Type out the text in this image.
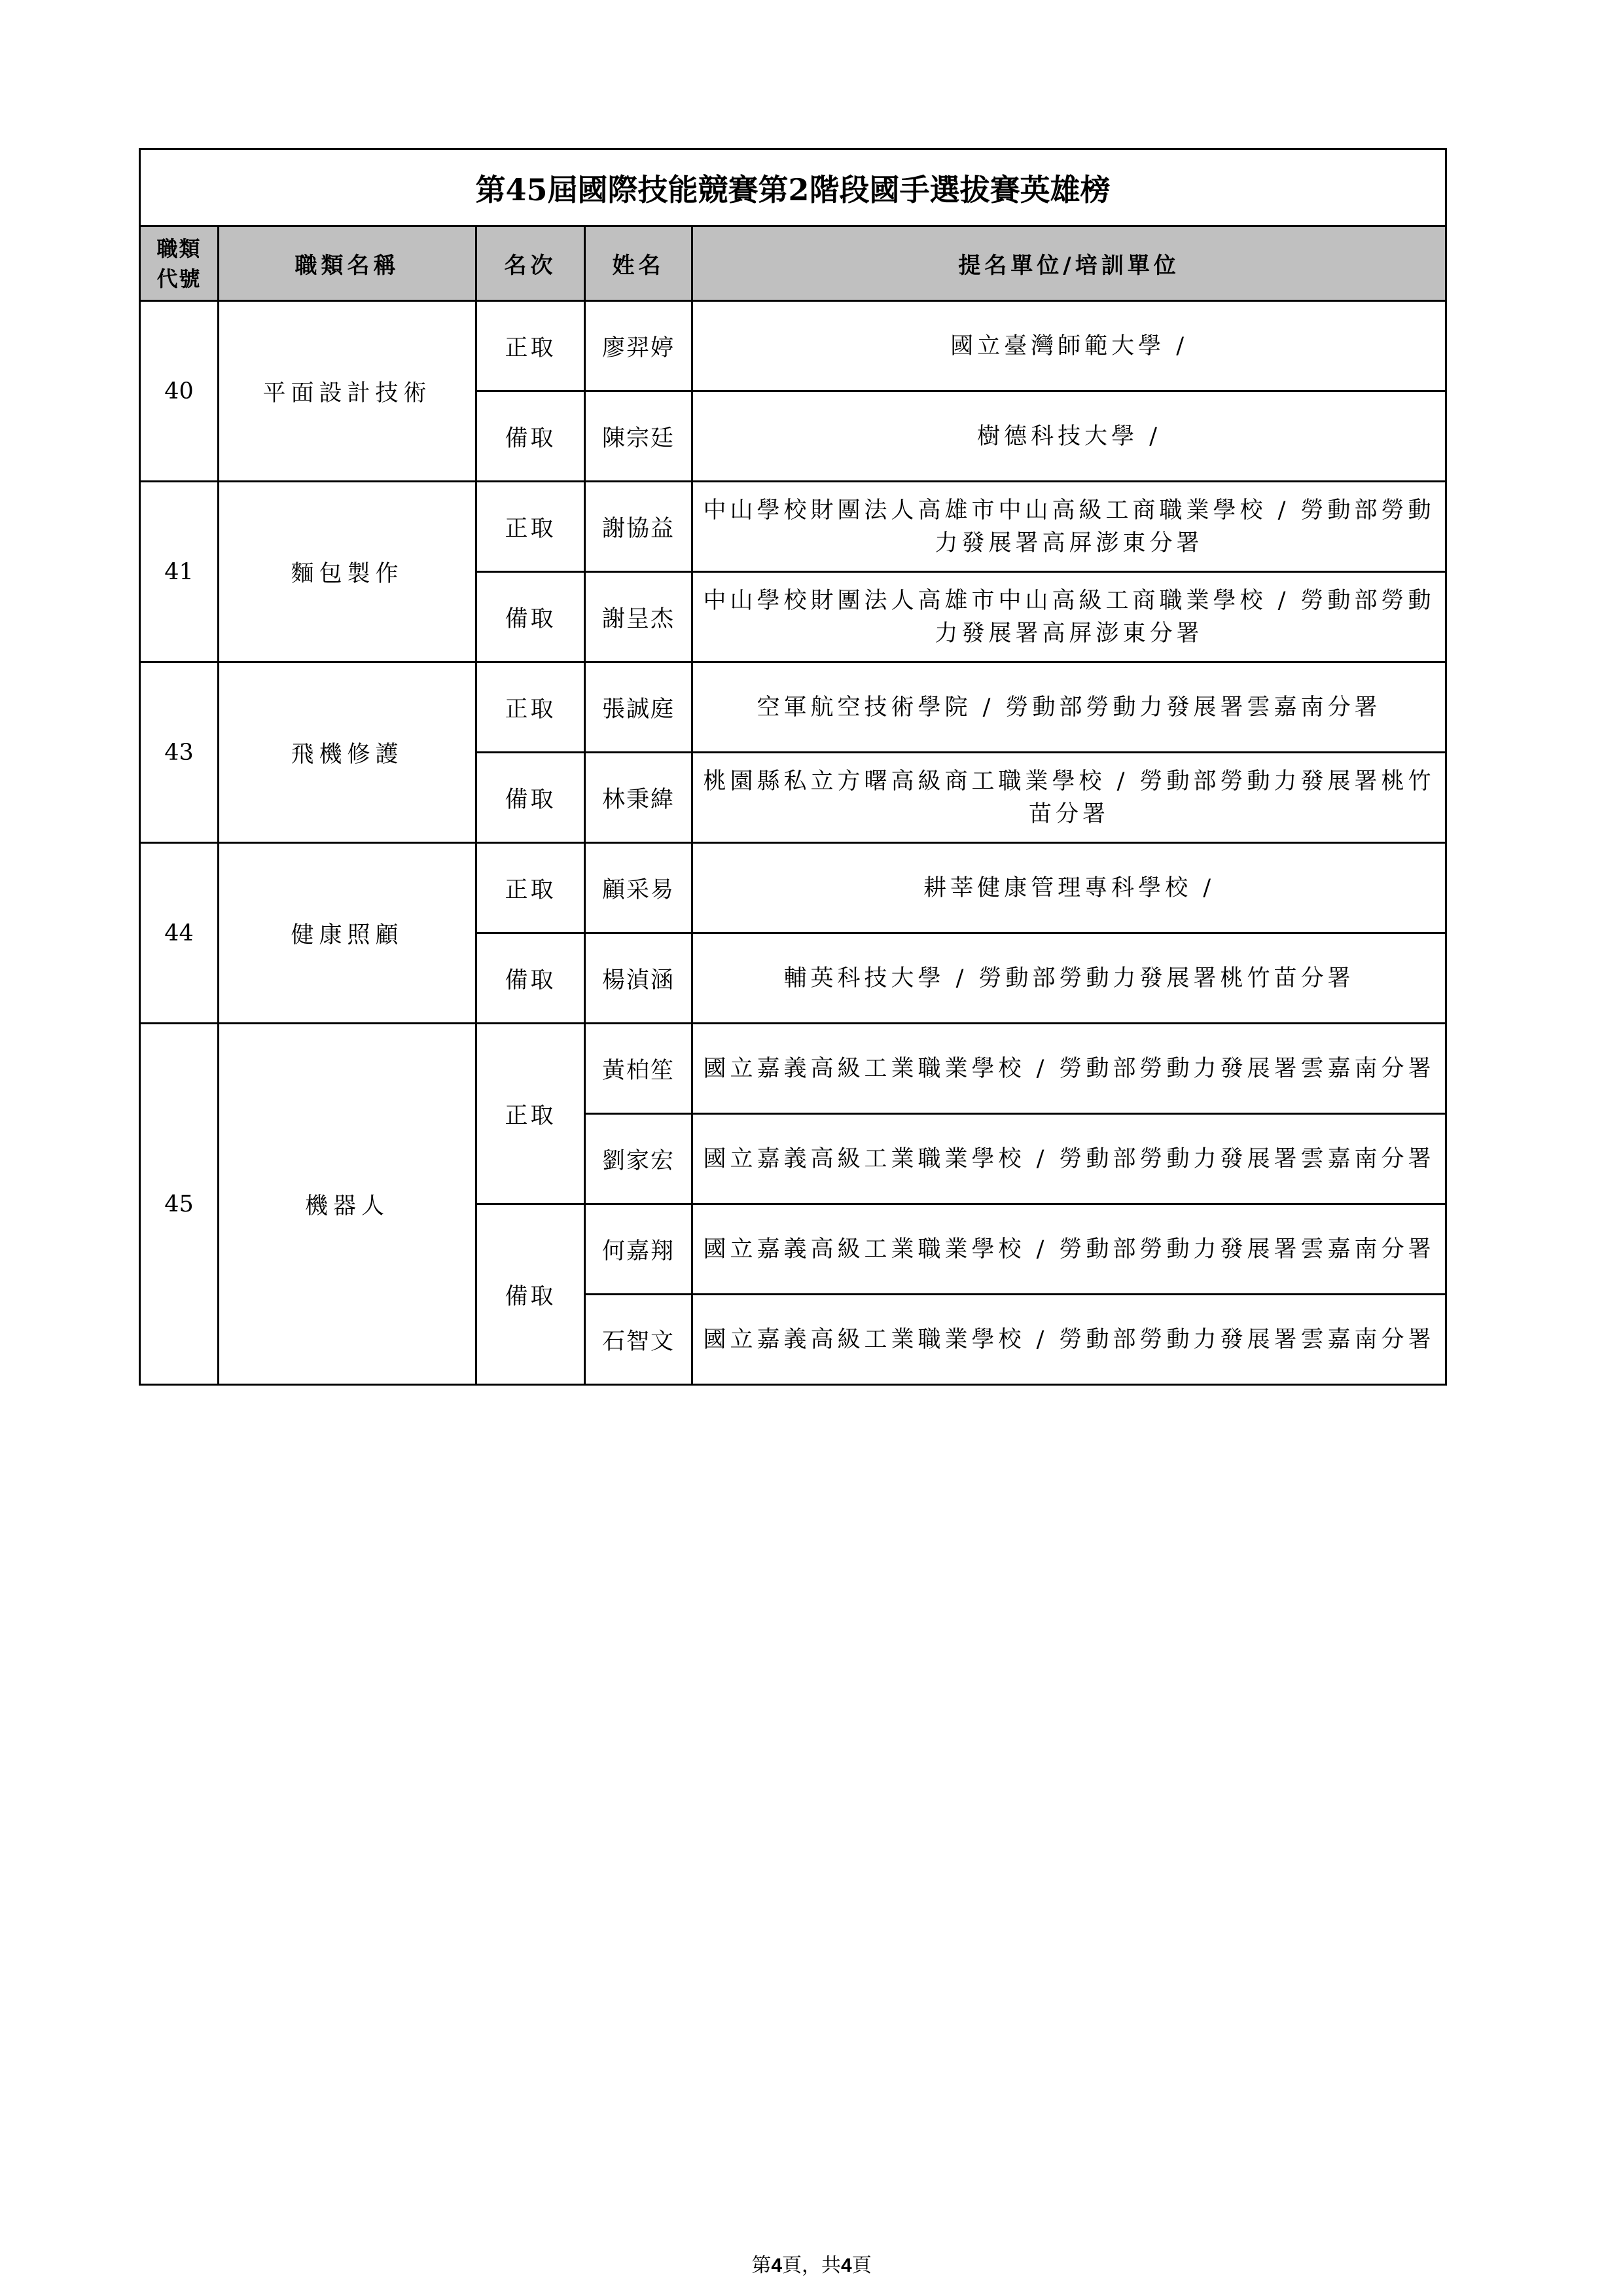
第45屆國際技能競賽第2階段國手選拔賽英雄榜				

職類
代號	職類名稱	名次	姓名	提名單位/培訓單位
40	平面設計技術	正取	廖羿婷	國立臺灣師範大學 /
		備取	陳宗廷	樹德科技大學 /
41	麵包製作	正取	謝協益	中山學校財團法人高雄市中山高級工商職業學校 / 勞動部勞動力發展署高屏澎東分署
		備取	謝呈杰	中山學校財團法人高雄市中山高級工商職業學校 / 勞動部勞動力發展署高屏澎東分署
43	飛機修護	正取	張誠庭	空軍航空技術學院 / 勞動部勞動力發展署雲嘉南分署
		備取	林秉緯	桃園縣私立方曙高級商工職業學校 / 勞動部勞動力發展署桃竹苗分署
44	健康照顧	正取	顧采易	耕莘健康管理專科學校 /
		備取	楊湞涵	輔英科技大學 / 勞動部勞動力發展署桃竹苗分署
45	機器人	正取	黃柏笙	國立嘉義高級工業職業學校 / 勞動部勞動力發展署雲嘉南分署
			劉家宏	國立嘉義高級工業職業學校 / 勞動部勞動力發展署雲嘉南分署
		備取	何嘉翔	國立嘉義高級工業職業學校 / 勞動部勞動力發展署雲嘉南分署
			石智文	國立嘉義高級工業職業學校 / 勞動部勞動力發展署雲嘉南分署
第4頁，共4頁
